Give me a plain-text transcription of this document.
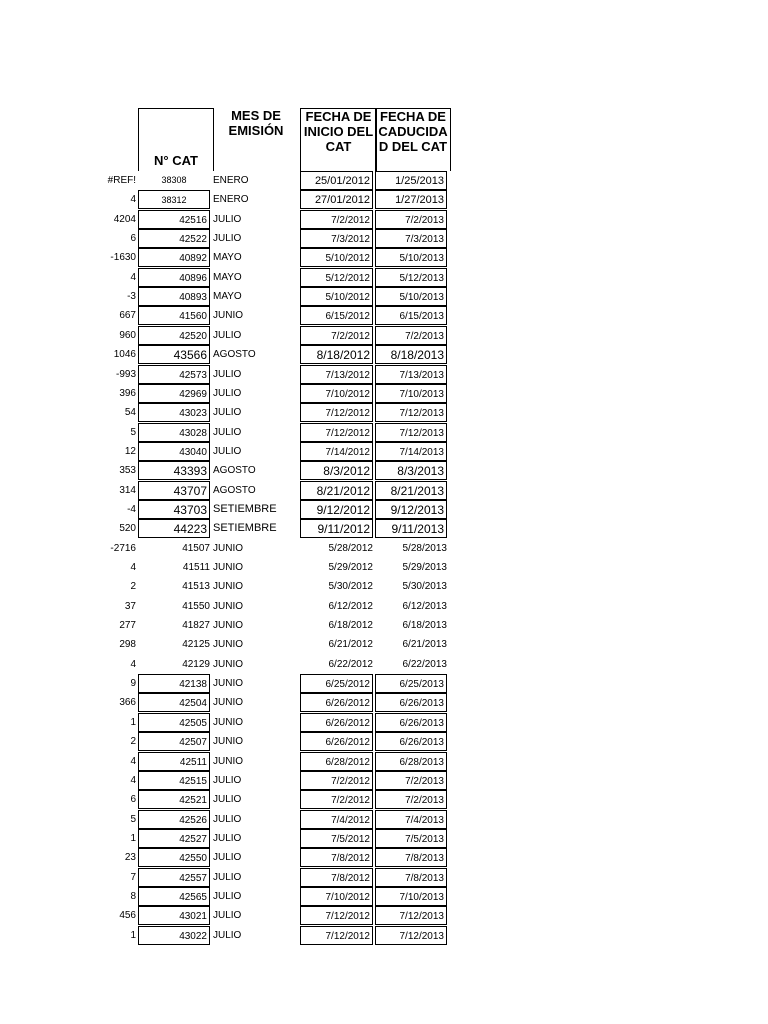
N° CAT
MES DE EMISIÓN
FECHA DE INICIO DEL CAT
FECHA DE CADUCIDA D DEL CAT
#REF!	38308	ENERO	25/01/2012	1/25/2013
4	38312	ENERO	27/01/2012	1/27/2013
4204	42516 JULIO	7/2/2012	7/2/2013
6	42522 JULIO	7/3/2012	7/3/2013
-1630	40892 MAYO	5/10/2012	5/10/2013
4	40896 MAYO	5/12/2012	5/12/2013
-3	40893 MAYO	5/10/2012	5/10/2013
667	41560 JUNIO	6/15/2012	6/15/2013
960	42520 JULIO	7/2/2012	7/2/2013
1046	43566 AGOSTO	8/18/2012	8/18/2013
-993	42573 JULIO	7/13/2012	7/13/2013
396	42969 JULIO	7/10/2012	7/10/2013
54	43023 JULIO	7/12/2012	7/12/2013
5	43028 JULIO	7/12/2012	7/12/2013
12	43040 JULIO	7/14/2012	7/14/2013
353	43393 AGOSTO	8/3/2012	8/3/2013
314	43707 AGOSTO	8/21/2012	8/21/2013
-4	43703 SETIEMBRE	9/12/2012	9/12/2013
520	44223 SETIEMBRE	9/11/2012	9/11/2013
-2716	41507 JUNIO	5/28/2012	5/28/2013
4	41511 JUNIO	5/29/2012	5/29/2013
2	41513 JUNIO	5/30/2012	5/30/2013
37	41550 JUNIO	6/12/2012	6/12/2013
277	41827 JUNIO	6/18/2012	6/18/2013
298	42125 JUNIO	6/21/2012	6/21/2013
4	42129 JUNIO	6/22/2012	6/22/2013
9	42138 JUNIO	6/25/2012	6/25/2013
366	42504 JUNIO	6/26/2012	6/26/2013
1	42505 JUNIO	6/26/2012	6/26/2013
2	42507 JUNIO	6/26/2012	6/26/2013
4	42511 JUNIO	6/28/2012	6/28/2013
4	42515 JULIO	7/2/2012	7/2/2013
6	42521 JULIO	7/2/2012	7/2/2013
5	42526 JULIO	7/4/2012	7/4/2013
1	42527 JULIO	7/5/2012	7/5/2013
23	42550 JULIO	7/8/2012	7/8/2013
7	42557 JULIO	7/8/2012	7/8/2013
8	42565 JULIO	7/10/2012	7/10/2013
456	43021 JULIO	7/12/2012	7/12/2013
1	43022 JULIO	7/12/2012	7/12/2013
